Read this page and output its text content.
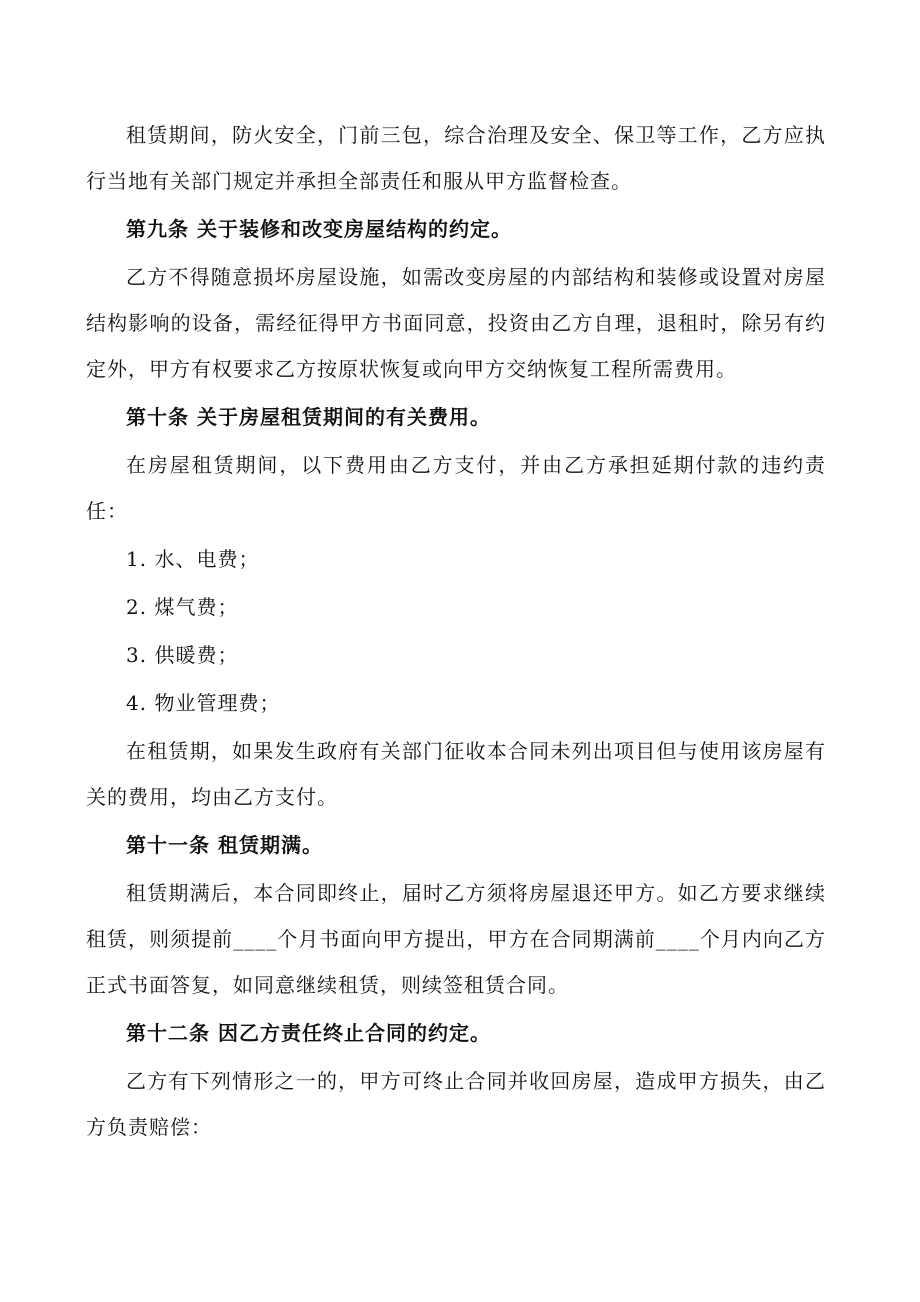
租赁期间，防火安全，门前三包，综合治理及安全、保卫等工作，乙方应执行当地有关部门规定并承担全部责任和服从甲方监督检查。

第九条 关于装修和改变房屋结构的约定。

乙方不得随意损坏房屋设施，如需改变房屋的内部结构和装修或设置对房屋结构影响的设备，需经征得甲方书面同意，投资由乙方自理，退租时，除另有约定外，甲方有权要求乙方按原状恢复或向甲方交纳恢复工程所需费用。

第十条 关于房屋租赁期间的有关费用。

在房屋租赁期间，以下费用由乙方支付，并由乙方承担延期付款的违约责任：

1. 水、电费；

2. 煤气费；

3. 供暖费；

4. 物业管理费；

在租赁期，如果发生政府有关部门征收本合同未列出项目但与使用该房屋有关的费用，均由乙方支付。

第十一条 租赁期满。

租赁期满后，本合同即终止，届时乙方须将房屋退还甲方。如乙方要求继续租赁，则须提前____个月书面向甲方提出，甲方在合同期满前____个月内向乙方正式书面答复，如同意继续租赁，则续签租赁合同。

第十二条 因乙方责任终止合同的约定。

乙方有下列情形之一的，甲方可终止合同并收回房屋，造成甲方损失，由乙方负责赔偿：
